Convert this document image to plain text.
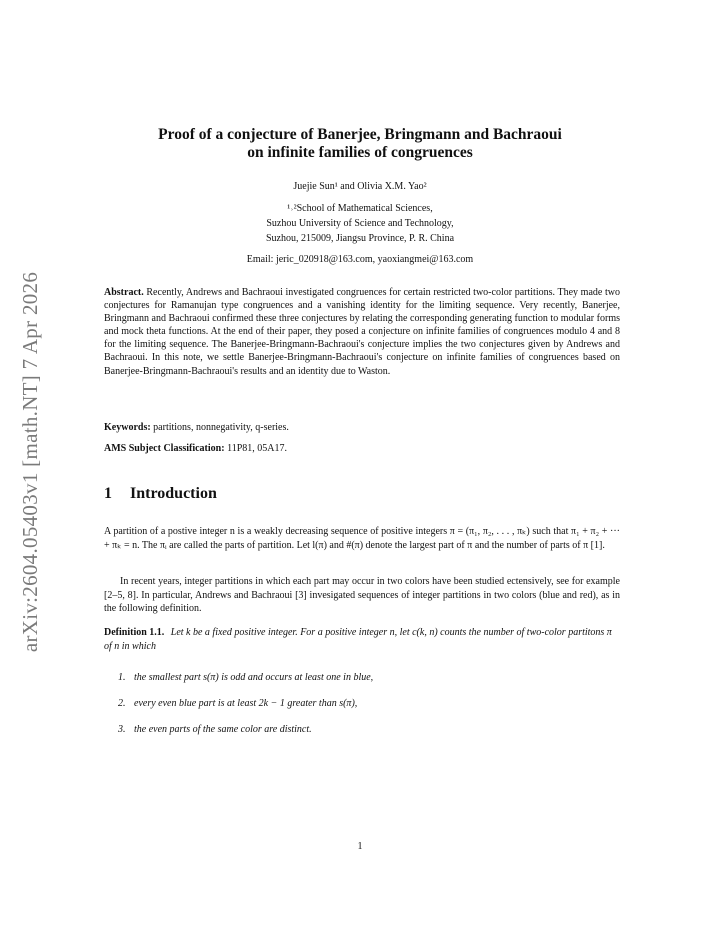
arXiv:2604.05403v1 [math.NT] 7 Apr 2026
Proof of a conjecture of Banerjee, Bringmann and Bachraoui
on infinite families of congruences
Juejie Sun¹ and Olivia X.M. Yao²
¹˒²School of Mathematical Sciences,
Suzhou University of Science and Technology,
Suzhou, 215009, Jiangsu Province, P. R. China
Email: jeric_020918@163.com, yaoxiangmei@163.com
Abstract. Recently, Andrews and Bachraoui investigated congruences for certain restricted two-color partitions. They made two conjectures for Ramanujan type congruences and a vanishing identity for the limiting sequence. Very recently, Banerjee, Bringmann and Bachraoui confirmed these three conjectures by relating the corresponding generating function to modular forms and mock theta functions. At the end of their paper, they posed a conjecture on infinite families of congruences modulo 4 and 8 for the limiting sequence. The Banerjee-Bringmann-Bachraoui's conjecture implies the two conjectures given by Andrews and Bachraoui. In this note, we settle Banerjee-Bringmann-Bachraoui's conjecture on infinite families of congruences based on Banerjee-Bringmann-Bachraoui's results and an identity due to Waston.
Keywords: partitions, nonnegativity, q-series.
AMS Subject Classification: 11P81, 05A17.
1 Introduction
A partition of a postive integer n is a weakly decreasing sequence of positive integers π = (π₁, π₂, . . . , πₖ) such that π₁ + π₂ + ··· + πₖ = n. The πᵢ are called the parts of partition. Let l(π) and #(π) denote the largest part of π and the number of parts of π [1].
In recent years, integer partitions in which each part may occur in two colors have been studied ectensively, see for example [2–5, 8]. In particular, Andrews and Bachraoui [3] invesigated sequences of integer partitions in two colors (blue and red), as in the following definition.
Definition 1.1. Let k be a fixed positive integer. For a positive integer n, let c(k, n) counts the number of two-color partitons π of n in which
1. the smallest part s(π) is odd and occurs at least one in blue,
2. every even blue part is at least 2k − 1 greater than s(π),
3. the even parts of the same color are distinct.
1
